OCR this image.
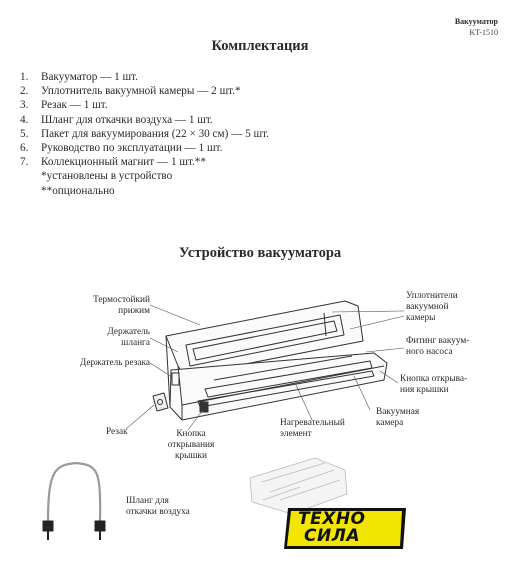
Вакууматор
KT-1510
Комплектация
1. Вакууматор — 1 шт.
2. Уплотнитель вакуумной камеры — 2 шт.*
3. Резак — 1 шт.
4. Шланг для откачки воздуха — 1 шт.
5. Пакет для вакуумирования (22 × 30 см) — 5 шт.
6. Руководство по эксплуатации — 1 шт.
7. Коллекционный магнит — 1 шт.**
*установлены в устройство
**опционально
Устройство вакууматора
Термостойкий
прижим
Держатель
шланга
Держатель резака
Резак	Кнопка
открывания
крышки
Нагревательный
элемент
Вакуумная
камера
Уплотнители
вакуумной
камеры
Фитинг вакуум-
ного насоса
Кнопка открыва-
ния крышки
Шланг для
откачки воздуха	ТЕХНО
СИЛА
